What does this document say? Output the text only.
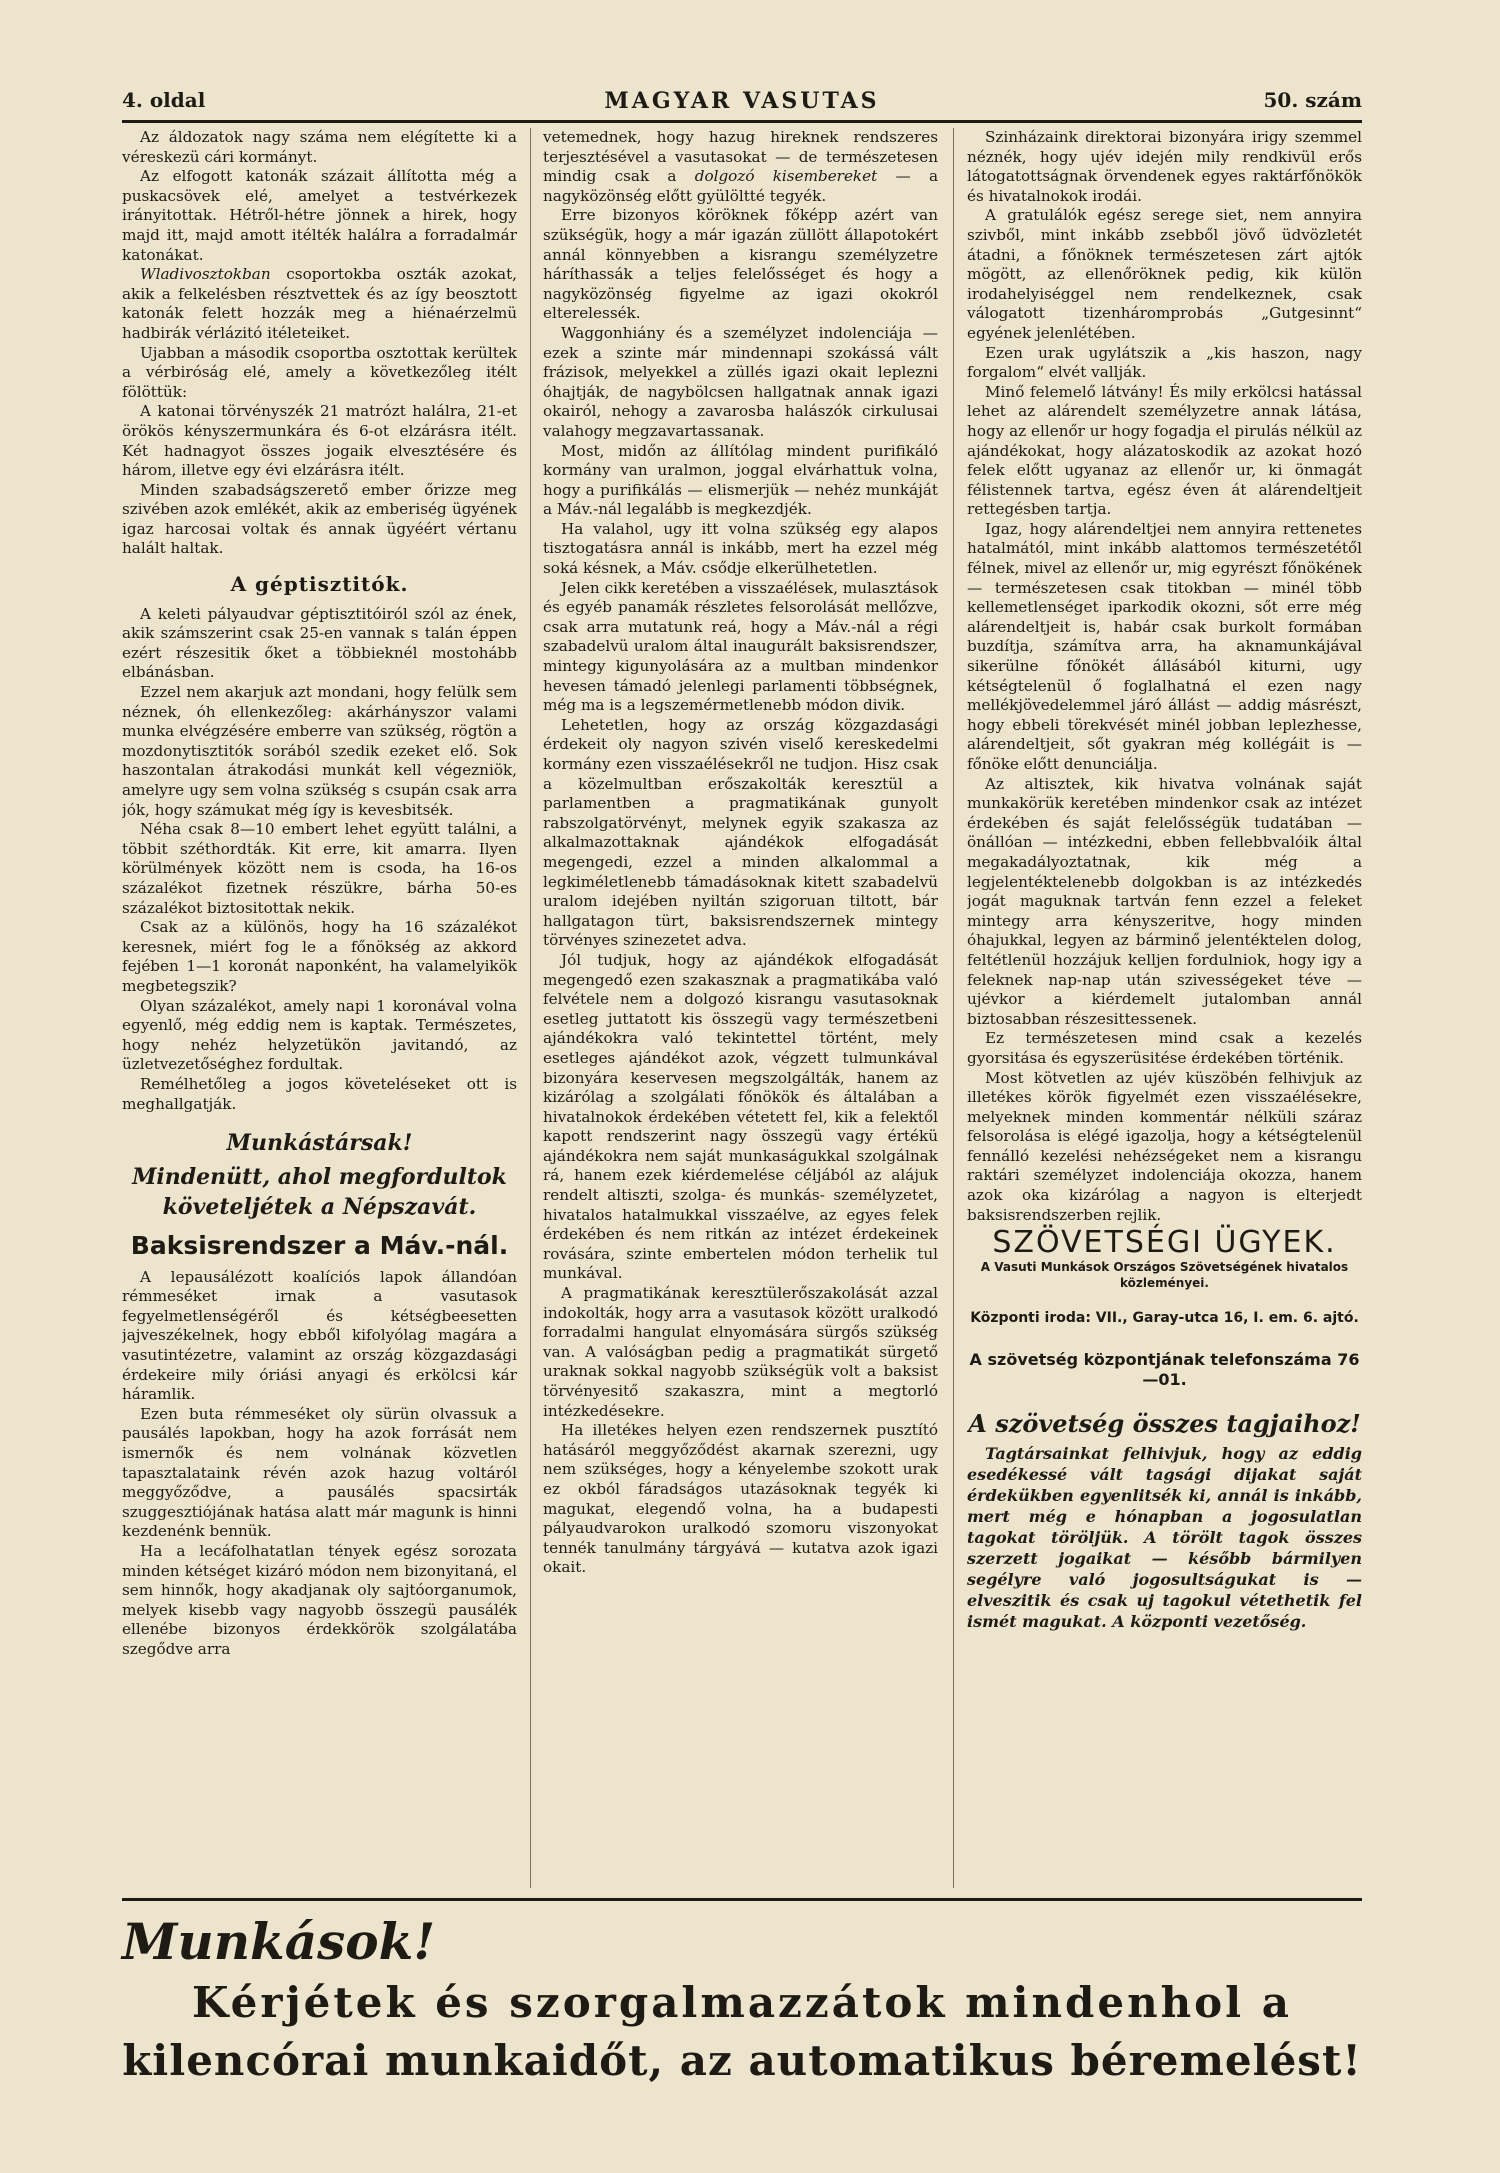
4. oldal	MAGYAR VASUTAS	50. szám

Az áldozatok nagy száma nem elégítette ki a véreskezü cári kormányt.

Az elfogott katonák százait állította még a puskacsövek elé, amelyet a testvérkezek irányitottak. Hétről-hétre jönnek a hirek, hogy majd itt, majd amott itélték halálra a forradalmár katonákat.

Wladivosztokban csoportokba oszták azokat, akik a felkelésben résztvettek és az így beosztott katonák felett hozzák meg a hiénaérzelmü hadbirák vérlázitó itéleteiket.

Ujabban a második csoportba osztottak kerültek a vérbiróság elé, amely a következőleg itélt fölöttük:

A katonai törvényszék 21 matrózt halálra, 21-et örökös kényszermunkára és 6-ot elzárásra itélt. Két hadnagyot összes jogaik elvesztésére és három, illetve egy évi elzárásra itélt.

Minden szabadságszerető ember őrizze meg szivében azok emlékét, akik az emberiség ügyének igaz harcosai voltak és annak ügyéért vértanu halált haltak.

A géptisztitók.

A keleti pályaudvar géptisztitóiról szól az ének, akik számszerint csak 25-en vannak s talán éppen ezért részesitik őket a többieknél mostohább elbánásban.

Ezzel nem akarjuk azt mondani, hogy felülk sem néznek, óh ellenkezőleg: akárhányszor valami munka elvégzésére emberre van szükség, rögtön a mozdonytisztitók sorából szedik ezeket elő. Sok haszontalan átrakodási munkát kell végezniök, amelyre ugy sem volna szükség s csupán csak arra jók, hogy számukat még így is kevesbitsék.

Néha csak 8—10 embert lehet együtt találni, a többit széthordták. Kit erre, kit amarra. Ilyen körülmények között nem is csoda, ha 16-os százalékot fizetnek részükre, bárha 50-es százalékot biztositottak nekik.

Csak az a különös, hogy ha 16 százalékot keresnek, miért fog le a főnökség az akkord fejében 1—1 koronát naponként, ha valamelyikök megbetegszik?

Olyan százalékot, amely napi 1 koronával volna egyenlő, még eddig nem is kaptak. Természetes, hogy nehéz helyzetükön javitandó, az üzletvezetőséghez fordultak.

Remélhetőleg a jogos követeléseket ott is meghallgatják.

Munkástársak!
Mindenütt, ahol megfordultok
követeljétek a Népszavát.
Baksisrendszer a Máv.-nál.

A lepausálézott koalíciós lapok állandóan rémmeséket irnak a vasutasok fegyelmetlenségéről és kétségbeesetten jajveszékelnek, hogy ebből kifolyólag magára a vasutintézetre, valamint az ország közgazdasági érdekeire mily óriási anyagi és erkölcsi kár háramlik.

Ezen buta rémmeséket oly sürün olvassuk a pausálés lapokban, hogy ha azok forrását nem ismernők és nem volnának közvetlen tapasztalataink révén azok hazug voltáról meggyőződve, a pausálés spacsirták szuggesztiójának hatása alatt már magunk is hinni kezdenénk bennük.

Ha a lecáfolhatatlan tények egész sorozata minden kétséget kizáró módon nem bizonyitaná, el sem hinnők, hogy akadjanak oly sajtóorganumok, melyek kisebb vagy nagyobb összegü pausálék ellenébe bizonyos érdekkörök szolgálatába szegődve arra

vetemednek, hogy hazug hireknek rendszeres terjesztésével a vasutasokat — de természetesen mindig csak a dolgozó kisembereket — a nagyközönség előtt gyülöltté tegyék.

Erre bizonyos köröknek főképp azért van szükségük, hogy a már igazán züllött állapotokért annál könnyebben a kisrangu személyzetre háríthassák a teljes felelősséget és hogy a nagyközönség figyelme az igazi okokról elterelessék.

Waggonhiány és a személyzet indolenciája — ezek a szinte már mindennapi szokássá vált frázisok, melyekkel a züllés igazi okait leplezni óhajtják, de nagybölcsen hallgatnak annak igazi okairól, nehogy a zavarosba halászók cirkulusai valahogy megzavartassanak.

Most, midőn az állítólag mindent purifikáló kormány van uralmon, joggal elvárhattuk volna, hogy a purifikálás — elismerjük — nehéz munkáját a Máv.-nál legalább is megkezdjék.

Ha valahol, ugy itt volna szükség egy alapos tisztogatásra annál is inkább, mert ha ezzel még soká késnek, a Máv. csődje elkerülhetetlen.

Jelen cikk keretében a visszaélések, mulasztások és egyéb panamák részletes felsorolását mellőzve, csak arra mutatunk reá, hogy a Máv.-nál a régi szabadelvü uralom által inaugurált baksisrendszer, mintegy kigunyolására az a multban mindenkor hevesen támadó jelenlegi parlamenti többségnek, még ma is a legszemérmetlenebb módon divik.

Lehetetlen, hogy az ország közgazdasági érdekeit oly nagyon szivén viselő kereskedelmi kormány ezen visszaélésekről ne tudjon. Hisz csak a közelmultban erőszakolták keresztül a parlamentben a pragmatikának gunyolt rabszolgatörvényt, melynek egyik szakasza az alkalmazottaknak ajándékok elfogadását megengedi, ezzel a minden alkalommal a legkiméletlenebb támadásoknak kitett szabadelvü uralom idejében nyiltán szigoruan tiltott, bár hallgatagon türt, baksisrendszernek mintegy törvényes szinezetet adva.

Jól tudjuk, hogy az ajándékok elfogadását megengedő ezen szakasznak a pragmatikába való felvétele nem a dolgozó kisrangu vasutasoknak esetleg juttatott kis összegü vagy természetbeni ajándékokra való tekintettel történt, mely esetleges ajándékot azok, végzett tulmunkával bizonyára keservesen megszolgálták, hanem az kizárólag a szolgálati főnökök és általában a hivatalnokok érdekében vétetett fel, kik a felektől kapott rendszerint nagy összegü vagy értékü ajándékokra nem saját munkaságukkal szolgálnak rá, hanem ezek kiérdemelése céljából az alájuk rendelt altiszti, szolga- és munkás- személyzetet, hivatalos hatalmukkal visszaélve, az egyes felek érdekében és nem ritkán az intézet érdekeinek rovására, szinte embertelen módon terhelik tul munkával.

A pragmatikának keresztülerőszakolását azzal indokolták, hogy arra a vasutasok között uralkodó forradalmi hangulat elnyomására sürgős szükség van. A valóságban pedig a pragmatikát sürgető uraknak sokkal nagyobb szükségük volt a baksist törvényesitő szakaszra, mint a megtorló intézkedésekre.

Ha illetékes helyen ezen rendszernek pusztító hatásáról meggyőződést akarnak szerezni, ugy nem szükséges, hogy a kényelembe szokott urak ez okból fáradságos utazásoknak tegyék ki magukat, elegendő volna, ha a budapesti pályaudvarokon uralkodó szomoru viszonyokat tennék tanulmány tárgyává — kutatva azok igazi okait.

Szinházaink direktorai bizonyára irigy szemmel néznék, hogy ujév idején mily rendkivül erős látogatottságnak örvendenek egyes raktárfőnökök és hivatalnokok irodái.

A gratulálók egész serege siet, nem annyira szivből, mint inkább zsebből jövő üdvözletét átadni, a főnöknek természetesen zárt ajtók mögött, az ellenőröknek pedig, kik külön irodahelyiséggel nem rendelkeznek, csak válogatott tizenháromprobás „Gutgesinnt“ egyének jelenlétében.

Ezen urak ugylátszik a „kis haszon, nagy forgalom“ elvét vallják.

Minő felemelő látvány! És mily erkölcsi hatással lehet az alárendelt személyzetre annak látása, hogy az ellenőr ur hogy fogadja el pirulás nélkül az ajándékokat, hogy alázatoskodik az azokat hozó felek előtt ugyanaz az ellenőr ur, ki önmagát félistennek tartva, egész éven át alárendeltjeit rettegésben tartja.

Igaz, hogy alárendeltjei nem annyira rettenetes hatalmától, mint inkább alattomos természetétől félnek, mivel az ellenőr ur, mig egyrészt főnökének — természetesen csak titokban — minél több kellemetlenséget iparkodik okozni, sőt erre még alárendeltjeit is, habár csak burkolt formában buzdítja, számítva arra, ha aknamunkájával sikerülne főnökét állásából kiturni, ugy kétségtelenül ő foglalhatná el ezen nagy mellékjövedelemmel járó állást — addig másrészt, hogy ebbeli törekvését minél jobban leplezhesse, alárendeltjeit, sőt gyakran még kollégáit is — főnöke előtt denunciálja.

Az altisztek, kik hivatva volnának saját munkakörük keretében mindenkor csak az intézet érdekében és saját felelősségük tudatában — önállóan — intézkedni, ebben fellebbvalóik által megakadályoztatnak, kik még a legjelentéktelenebb dolgokban is az intézkedés jogát maguknak tartván fenn ezzel a feleket mintegy arra kényszeritve, hogy minden óhajukkal, legyen az bárminő jelentéktelen dolog, feltétlenül hozzájuk kelljen fordulniok, hogy igy a feleknek nap-nap után szivességeket téve — ujévkor a kiérdemelt jutalomban annál biztosabban részesittessenek.

Ez természetesen mind csak a kezelés gyorsitása és egyszerüsitése érdekében történik.

Most kötvetlen az ujév küszöbén felhivjuk az illetékes körök figyelmét ezen visszaélésekre, melyeknek minden kommentár nélküli száraz felsorolása is elégé igazolja, hogy a kétségtelenül fennálló kezelési nehézségeket nem a kisrangu raktári személyzet indolenciája okozza, hanem azok oka kizárólag a nagyon is elterjedt baksisrendszerben rejlik.

SZÖVETSÉGI ÜGYEK.
A Vasuti Munkások Országos Szövetségének hivatalos közleményei.
Központi iroda: VII., Garay-utca 16, I. em. 6. ajtó.
A szövetség központjának telefonszáma 76—01.
A szövetség összes tagjaihoz!

Tagtársainkat felhivjuk, hogy az eddig esedékessé vált tagsági dijakat saját érdekükben egyenlitsék ki, annál is inkább, mert még e hónapban a jogosulatlan tagokat töröljük. A törölt tagok összes szerzett jogaikat — később bármilyen segélyre való jogosultságukat is — elveszitik és csak uj tagokul vétethetik fel ismét magukat. A központi vezetőség.

Munkások!
Kérjétek és szorgalmazzátok mindenhol a
kilencórai munkaidőt, az automatikus béremelést!
